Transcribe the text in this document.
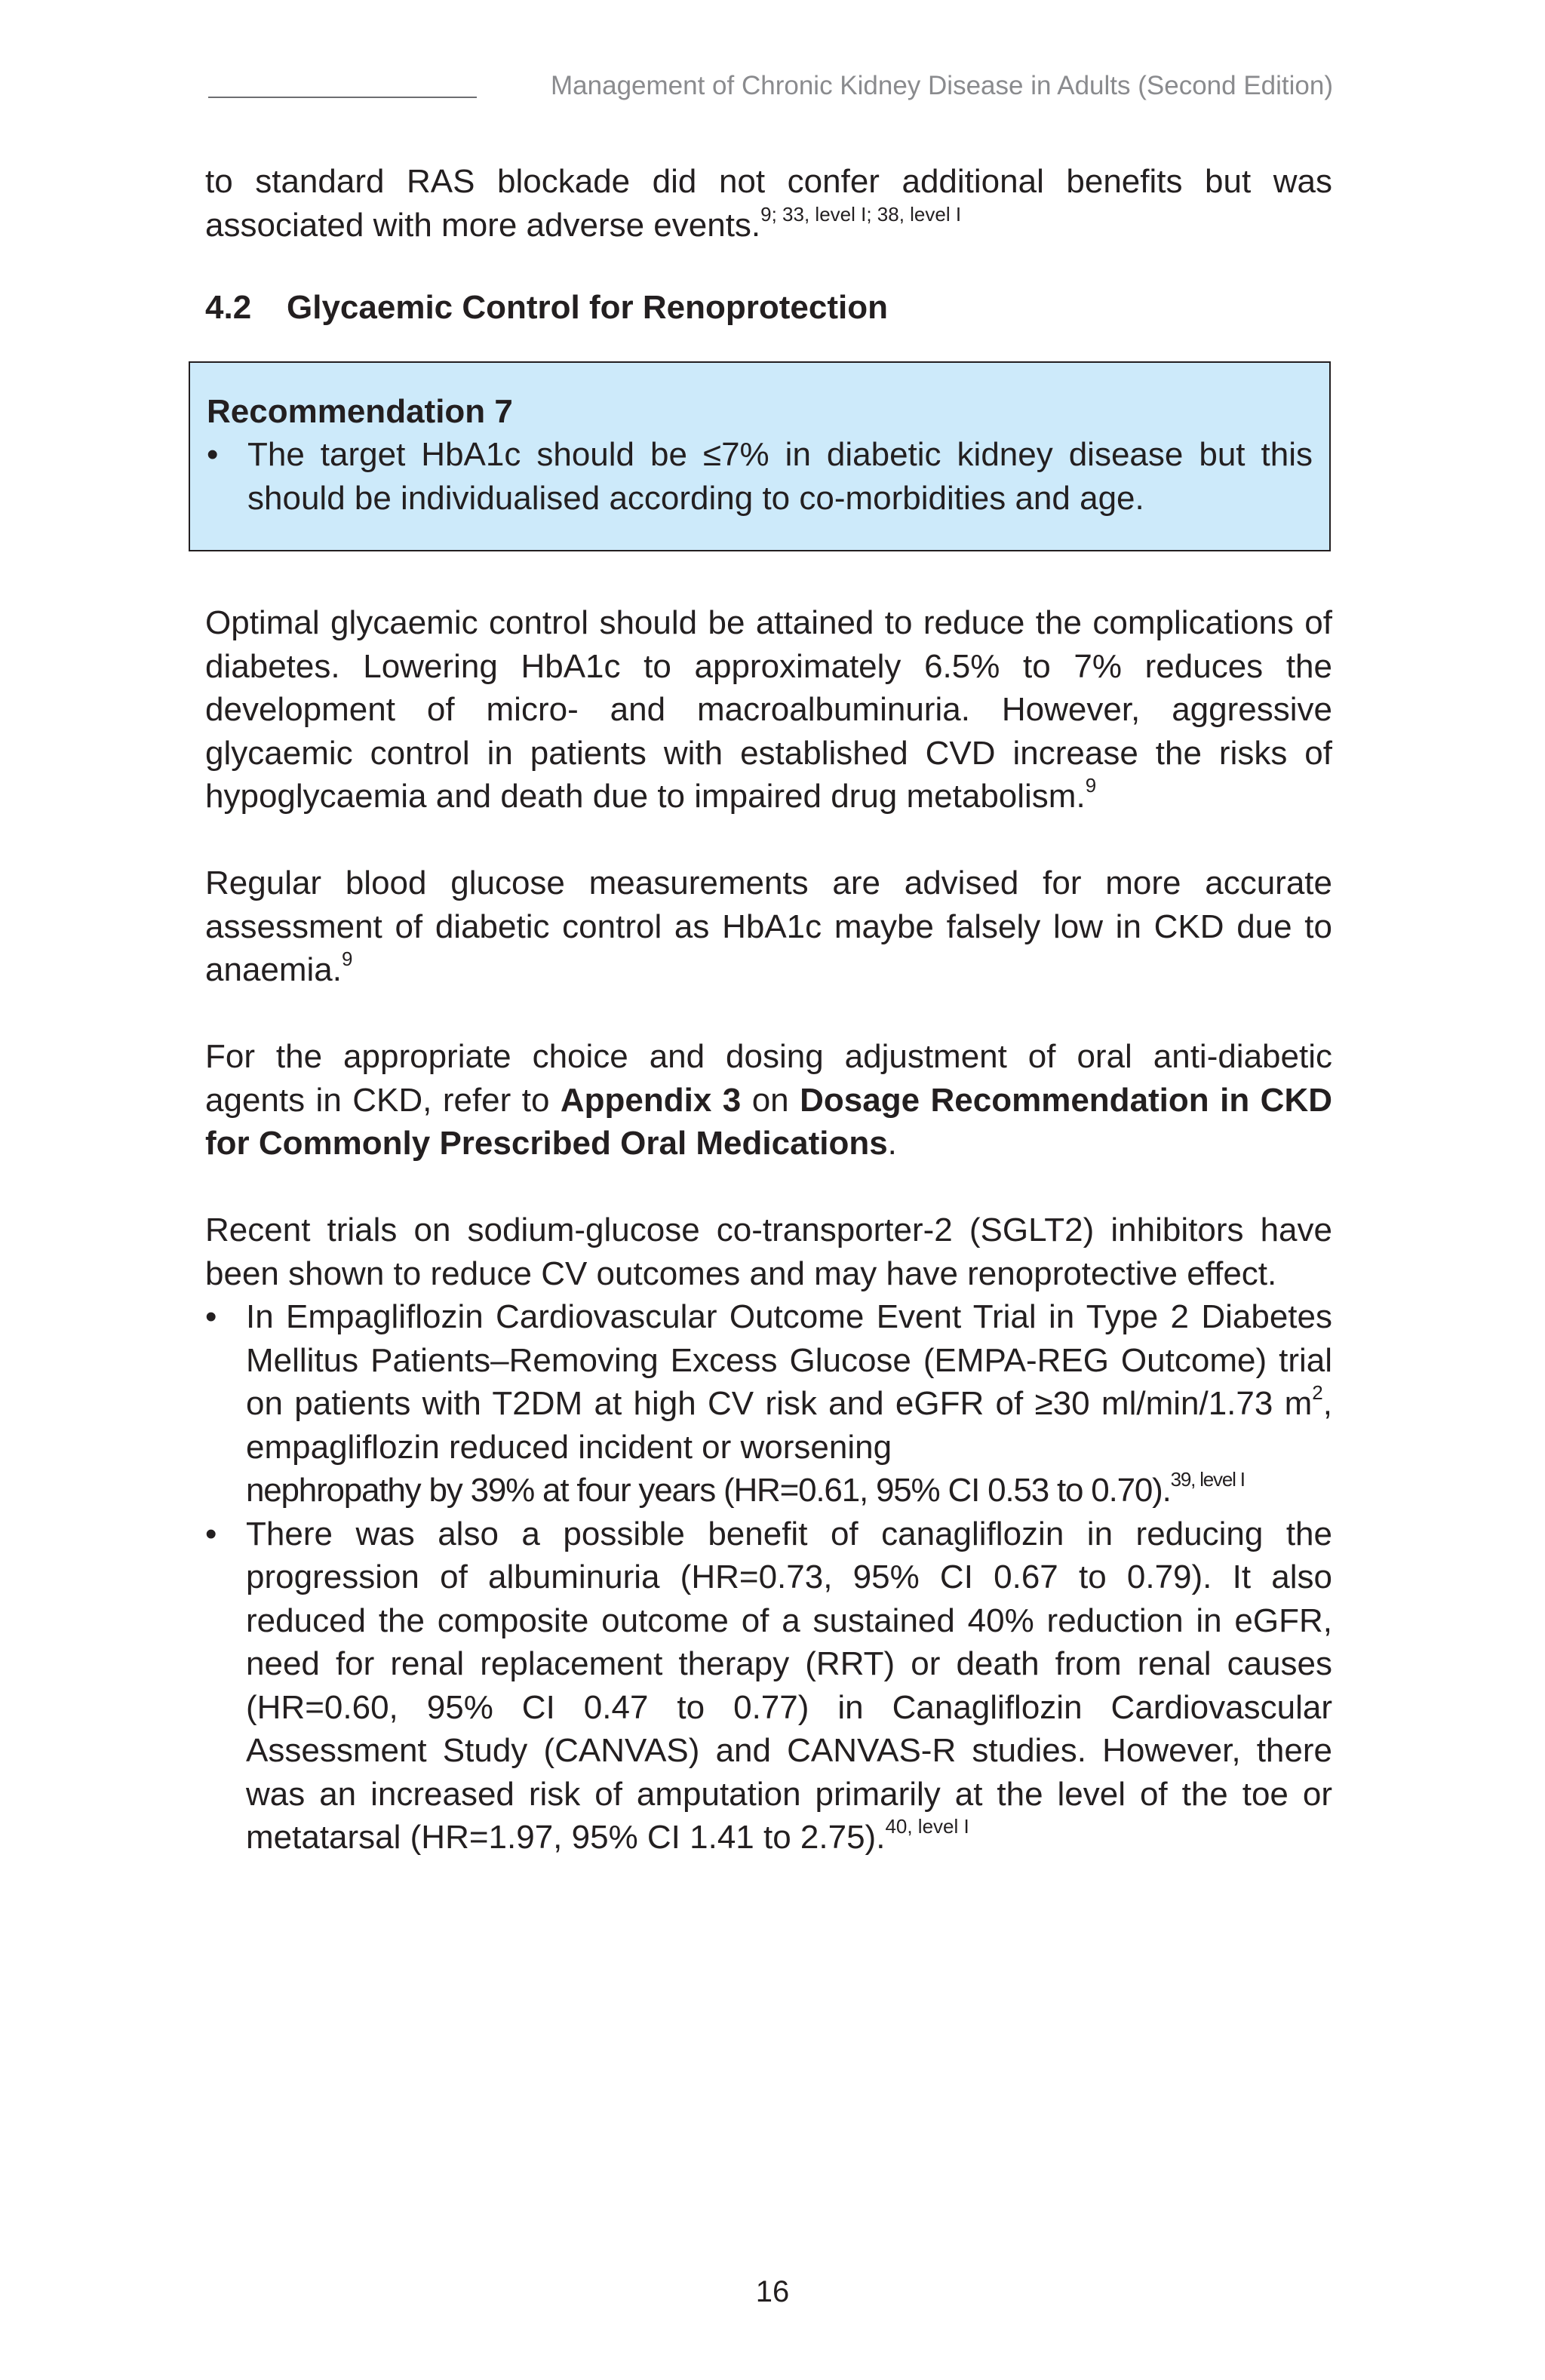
Management of Chronic Kidney Disease in Adults (Second Edition)

to standard RAS blockade did not confer additional benefits but was associated with more adverse events.$^{9; 33, level I; 38, level I}$

4.2 Glycaemic Control for Renoprotection
Recommendation 7
• The target HbA1c should be ≤7% in diabetic kidney disease but this should be individualised according to co-morbidities and age.

Optimal glycaemic control should be attained to reduce the complications of diabetes. Lowering HbA1c to approximately 6.5% to 7% reduces the development of micro- and macroalbuminuria. However, aggressive glycaemic control in patients with established CVD increase the risks of hypoglycaemia and death due to impaired drug metabolism.$^9$

Regular blood glucose measurements are advised for more accurate assessment of diabetic control as HbA1c maybe falsely low in CKD due to anaemia.$^9$

For the appropriate choice and dosing adjustment of oral anti-diabetic agents in CKD, refer to Appendix 3 on Dosage Recommendation in CKD for Commonly Prescribed Oral Medications.

Recent trials on sodium-glucose co-transporter-2 (SGLT2) inhibitors have been shown to reduce CV outcomes and may have renoprotective effect.

• In Empagliflozin Cardiovascular Outcome Event Trial in Type 2 Diabetes Mellitus Patients–Removing Excess Glucose (EMPA-REG Outcome) trial on patients with T2DM at high CV risk and eGFR of ≥30 ml/min/1.73 $m^2$, empagliflozin reduced incident or worsening
nephropathy by 39% at four years (HR=0.61, 95% CI 0.53 to 0.70).$^{39, level I}$
• There was also a possible benefit of canagliflozin in reducing the progression of albuminuria (HR=0.73, 95% CI 0.67 to 0.79). It also reduced the composite outcome of a sustained 40% reduction in eGFR, need for renal replacement therapy (RRT) or death from renal causes (HR=0.60, 95% CI 0.47 to 0.77) in Canagliflozin Cardiovascular Assessment Study (CANVAS) and CANVAS-R studies. However, there was an increased risk of amputation primarily at the level of the toe or metatarsal (HR=1.97, 95% CI 1.41 to 2.75).$^{40, level I}$
16
